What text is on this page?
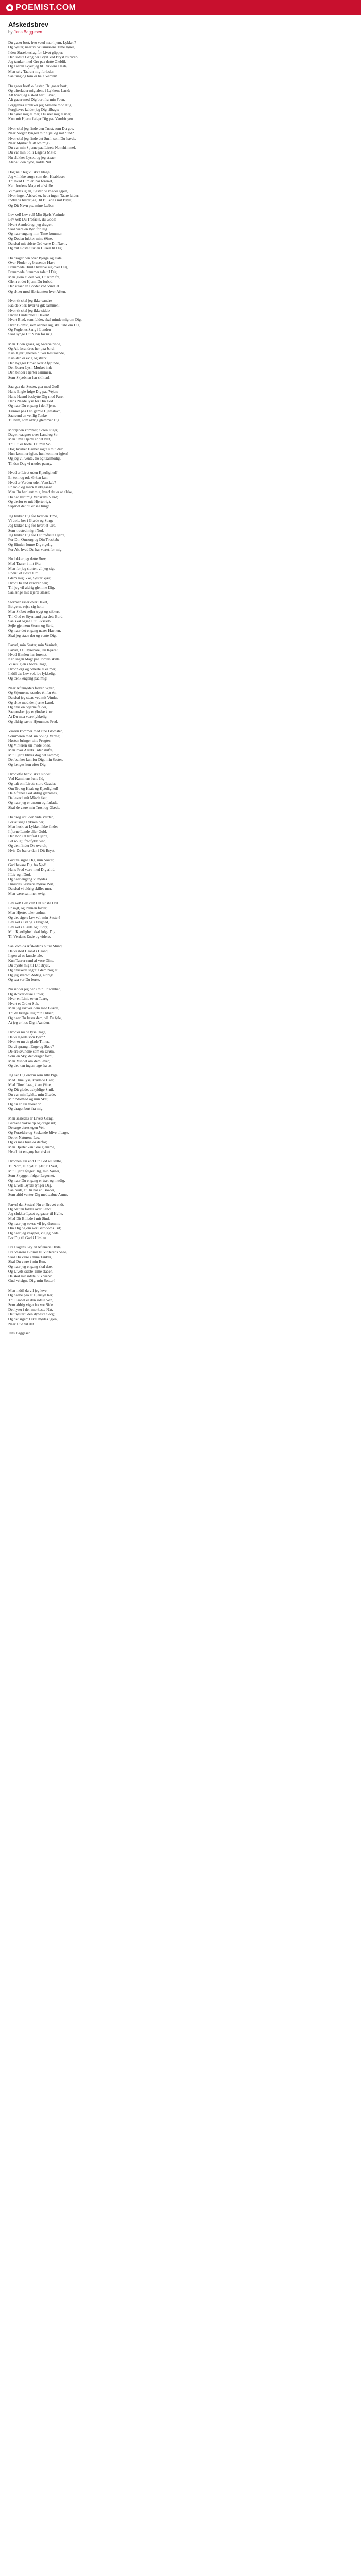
POEMIST.COM
Afskedsbrev
by Jens Baggesen
Du gaaer bort, hvo veed naar hjem, Lykken?
Og Søster, naar vi Skilsmissens Time hører,
I den Skrækkeslag for Livet glipper,
Den sidste Gang der Bryst ved Bryst os rører?
Jeg tænker med Gru paa dette Øieblik
Og Taaren skyer jeg til Tvivlens Haab,
Men selv Taaren mig forlader,
Saa tung og tom er hele Verden!
Du gaaer bort! o Søster, Du gaaer bort,
Og efterlader mig alene i Lykkens Land;
Alt hvad jeg elsked her i Livet,
Alt gaaer med Dig bort fra min Favn.
Forgjæves strækker jeg Armene mod Dig,
Forgjæves kalder jeg Dig tilbage;
Du hører mig ei mer, Du seer mig ei mer,
Kun mit Hjerte følger Dig paa Vandringen.
Hvor skal jeg finde den Trøst, som Du gav,
Naar Sorgen tynged min Sjæl og mit Sind?
Hvor skal jeg finde det Smil, som Du havde,
Naar Mørket faldt om mig?
Du var min Stjerne paa Livets Nattehimmel,
Du var min Sol i Dagens Møie;
Nu slukkes Lyset, og jeg staaer
Alene i den dybe, kolde Nat.
Dog nei! Jeg vil ikke klage,
Jeg vil ikke sørge som den Haabløse;
Thi hvad Himlen har forenet,
Kan Jordens Magt ei adskille.
Vi mødes igjen, Søster, vi mødes igjen,
Hvor ingen Afsked er, hvor ingen Taare falder;
Indtil da bærer jeg Dit Billede i mit Bryst,
Og Dit Navn paa mine Læber.
Lev vel! Lev vel! Min Sjæls Veninde,
Lev vel! Du Trofaste, du Gode!
Hvert Aandedrag, jeg drager,
Skal være en Bøn for Dig.
Og naar engang min Time kommer,
Og Døden lukker mine Øine,
Da skal mit sidste Ord være Dit Navn,
Og mit sidste Suk en Hilsen til Dig.
Du drager hen over Bjerge og Dale,
Over Floder og brusende Hav;
Fremmede Himle hvælve sig over Dig,
Fremmede Stemmer tale til Dig.
Men glem ei den Vei, Du kom fra,
Glem ei det Hjem, Du forlod;
Der staaer en Broder ved Vinduet
Og skuer mod Horizonten hver Aften.
Hvor tit skal jeg ikke vandre
Paa de Stier, hvor vi gik sammen;
Hvor tit skal jeg ikke sidde
Under Lindetræet i Haven!
Hvert Blad, som falder, skal minde mig om Dig,
Hver Blomst, som aabner sig, skal tale om Dig;
Og Fuglenes Sang i Lunden
Skal synge Dit Navn for mig.
Men Tiden gaaer, og Aarene rinde,
Og Alt forandres her paa Jord;
Kun Kjærligheden bliver bestaaende,
Kun den er evig og stærk.
Den bygger Broer over Afgrunde,
Den bærer Lys i Mørket ind;
Den binder Hjerter sammen,
Som Skjæbnen har skilt ad.
Saa gaa da, Søster, gaa med Gud!
Hans Engle følge Dig paa Vejen;
Hans Haand beskytte Dig mod Fare,
Hans Naade lyse for Din Fod.
Og naar Du engang i det Fjerne
Tænker paa Din gamle Hjemstavn,
Saa send en venlig Tanke
Til ham, som aldrig glemmer Dig.
Morgenen kommer, Solen stiger,
Dagen vaagner over Land og Sø;
Men i mit Hjerte er det Nat,
Thi Du er borte, Du min Sol.
Dog hvisker Haabet sagte i mit Øre:
Hun kommer igjen, hun kommer igjen!
Og jeg vil vente, tro og taalmodig,
Til den Dag vi mødes paany.
Hvad er Livet uden Kjærlighed?
En tom og øde Ørken kun;
Hvad er Verden uden Venskab?
En kold og mørk Kirkegaard.
Men Du har lært mig, hvad det er at elske,
Du har lært mig Venskabs Værd;
Og derfor er mit Hjerte rigt,
Skjøndt det nu er saa tungt.
Jeg takker Dig for hver en Time,
Vi delte her i Glæde og Sorg;
Jeg takker Dig for hvert et Ord,
Som trøsted mig i Nød.
Jeg takker Dig for Dit trofaste Hjerte,
For Din Omsorg og Din Troskab;
Og Himlen lønne Dig rigelig
For Alt, hvad Du har været for mig.
Nu lukker jeg dette Brev,
Med Taarer i mit Øie;
Men før jeg slutter, vil jeg sige
Endnu et sidste Ord:
Glem mig ikke, Søster kjær,
Hvor Du end vandrer hen;
Thi jeg vil aldrig glemme Dig,
Saalænge mit Hjerte slaaer.
Stormen raser over Havet,
Bølgerne rejse sig høit;
Men Skibet sejler trygt og sikkert,
Thi Gud er Styrmand paa dets Bord.
Saa skal ogsaa Dit Livsskib
Sejle gjennem Storm og Strid;
Og naar det engang naaer Havnen,
Skal jeg staae der og vente Dig.
Farvel, min Søster, min Veninde,
Farvel, Du Dyrebare, Du Kjære!
Hvad Himlen har forenet,
Kan ingen Magt paa Jorden skille.
Vi ses igjen i bedre Dage,
Hvor Sorg og Smerte ei er mer;
Indtil da: Lev vel, lev lykkelig,
Og tænk engang paa mig!
Naar Aftenrøden farver Skyen,
Og Stjernerne tændes én for én,
Da skal jeg staae ved mit Vindue
Og skue mod det fjerne Land.
Og hvis en Stjerne falder,
Saa ønsker jeg et Ønske kun:
At Du maa være lykkelig
Og aldrig savne Hjemmets Fred.
Vaaren kommer med sine Blomster,
Sommeren med sin Sol og Varme;
Høsten bringer sine Frugter,
Og Vinteren sin hvide Snee.
Men hvor Aarets Tider skifte,
Mit Hjerte bliver dog det samme;
Det banker kun for Dig, min Søster,
Og længes kun efter Dig.
Hvor ofte har vi ikke siddet
Ved Kaminens lune Ild,
Og talt om Livets store Gaader,
Om Tro og Haab og Kjærlighed!
De Aftener skal aldrig glemmes,
De lever i mit Minde fast;
Og naar jeg er ensom og forladt,
Skal de være min Trøst og Glæde.
Du drog ud i den vide Verden,
For at søge Lykken der;
Men husk, at Lykken ikke findes
I fjerne Lande eller Guld.
Den bor i et trofast Hjerte,
I et roligt, fredfyldt Sind;
Og den finder Du overalt,
Hvis Du bærer den i Dit Bryst.
Gud velsigne Dig, min Søster,
Gud bevare Dig fra Nød!
Hans Fred være med Dig altid,
I Liv og i Død.
Og naar engang vi mødes
Hinsides Gravens mørke Port,
Da skal vi aldrig skilles mer,
Men være sammen evig.
Lev vel! Lev vel! Det sidste Ord
Er sagt, og Pennen falder;
Men Hjertet taler endnu,
Og det siger: Lev vel, min Søster!
Lev vel i Tid og i Evighed,
Lev vel i Glæde og i Sorg;
Min Kjærlighed skal følge Dig
Til Verdens Ende og videre.
Saa kom da Afskedens bittre Stund,
Da vi stod Haand i Haand;
Ingen af os kunde tale,
Kun Taarer rand af vore Øine.
Du trykte mig til Dit Bryst,
Og hviskede sagte: Glem mig ei!
Og jeg svared: Aldrig, aldrig!
Og saa var Du borte.
Nu sidder jeg her i min Ensomhed,
Og skriver disse Linier;
Hver en Linie er en Taare,
Hvert et Ord et Suk.
Men jeg skriver dem med Glæde,
Thi de bringe Dig min Hilsen;
Og naar Du læser dem, vil Du føle,
At jeg er hos Dig i Aanden.
Hvor er nu de lyse Dage,
Da vi legede som Børn?
Hvor er nu de glade Timer,
Da vi sprang i Enge og Skov?
De ere svundne som en Drøm,
Som en Sky, der drager forbi;
Men Mindet om dem lever,
Og det kan ingen tage fra os.
Jeg ser Dig endnu som lille Pige,
Med Dine lyse, krøllede Haar,
Med Dine blaae, klare Øine,
Og Dit glade, uskyldige Smil.
Du var min Lykke, min Glæde,
Min Stolthed og min Skat;
Og nu er Du voxet op
Og draget bort fra mig.
Men saaledes er Livets Gang,
Børnene vokse op og drage ud;
De søge deres egen Vei,
Og Forældre og Søskende blive tilbage.
Det er Naturens Lov,
Og vi maa bøie os derfor;
Men Hjertet kan ikke glemme,
Hvad det engang har elsket.
Hvorhen Du end Din Fod vil sætte,
Til Nord, til Syd, til Øst, til Vest,
Mit Hjerte følger Dig, min Søster,
Som Skyggen følger Legemet.
Og naar Du engang er træt og mødig,
Og Livets Byrde tynger Dig,
Saa husk, at Du har en Broder,
Som altid venter Dig med aabne Arme.
Farvel da, Søster! Nu er Brevet endt,
Og Natten falder over Land;
Jeg slukker Lyset og gaaer til Hvile,
Med Dit Billede i mit Sind.
Og naar jeg sover, vil jeg drømme
Om Dig og om vor Barndoms Tid;
Og naar jeg vaagner, vil jeg bede
For Dig til Gud i Himlen.
Fra Dagens Gry til Aftenens Hvile,
Fra Vaarens Blomst til Vinterens Snee,
Skal Du være i mine Tanker,
Skal Du være i min Bøn.
Og naar jeg engang skal døe,
Og Livets sidste Time slaaer,
Da skal mit sidste Suk være:
Gud velsigne Dig, min Søster!
Men indtil da vil jeg leve,
Og haabe paa et Gjensyn her;
Thi Haabet er den sidste Ven,
Som aldrig viger fra vor Side.
Det lyser i den mørkeste Nat,
Det trøster i den dybeste Sorg;
Og det siger: I skal mødes igjen,
Naar Gud vil det.
Jens Baggesen
